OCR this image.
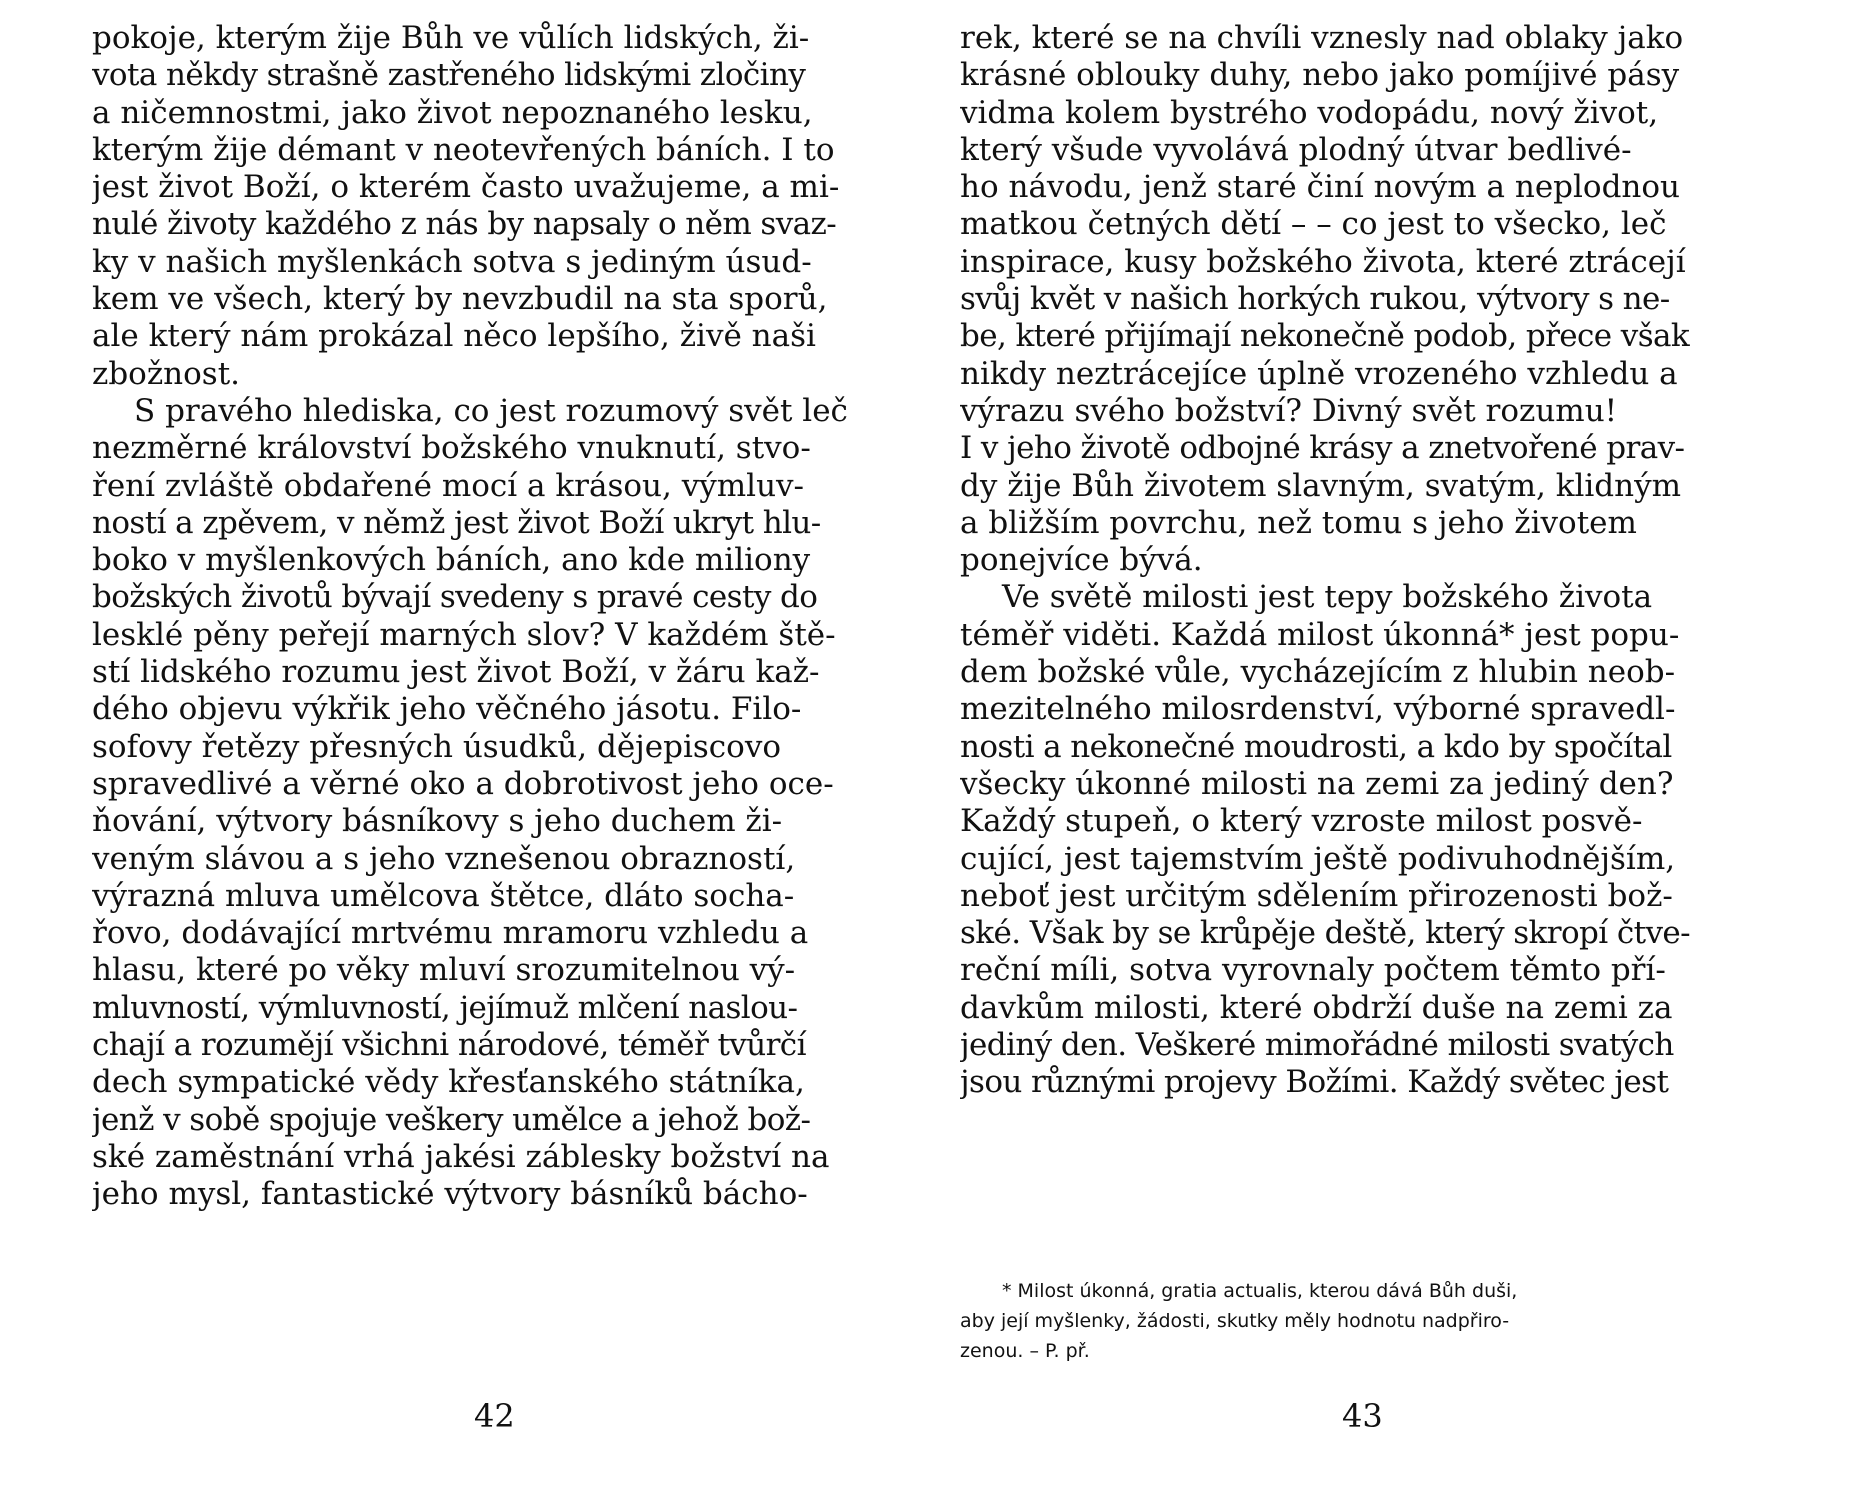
pokoje, kterým žije Bůh ve vůlích lidských, ži-
vota někdy strašně zastřeného lidskými zločiny
a ničemnostmi, jako život nepoznaného lesku,
kterým žije démant v neotevřených báních. I to
jest život Boží, o kterém často uvažujeme, a mi-
nulé životy každého z nás by napsaly o něm svaz-
ky v našich myšlenkách sotva s jediným úsud-
kem ve všech, který by nevzbudil na sta sporů,
ale který nám prokázal něco lepšího, živě naši
zbožnost.
S pravého hlediska, co jest rozumový svět leč
nezměrné království božského vnuknutí, stvo-
ření zvláště obdařené mocí a krásou, výmluv-
ností a zpěvem, v němž jest život Boží ukryt hlu-
boko v myšlenkových báních, ano kde miliony
božských životů bývají svedeny s pravé cesty do
lesklé pěny peřejí marných slov? V každém ště-
stí lidského rozumu jest život Boží, v žáru kaž-
dého objevu výkřik jeho věčného jásotu. Filo-
sofovy řetězy přesných úsudků, dějepiscovo
spravedlivé a věrné oko a dobrotivost jeho oce-
ňování, výtvory básníkovy s jeho duchem ži-
veným slávou a s jeho vznešenou obrazností,
výrazná mluva umělcova štětce, dláto socha-
řovo, dodávající mrtvému mramoru vzhledu a
hlasu, které po věky mluví srozumitelnou vý-
mluvností, výmluvností, jejímuž mlčení naslou-
chají a rozumějí všichni národové, téměř tvůrčí
dech sympatické vědy křesťanského státníka,
jenž v sobě spojuje veškery umělce a jehož bož-
ské zaměstnání vrhá jakési záblesky božství na
jeho mysl, fantastické výtvory básníků bácho-
42
rek, které se na chvíli vznesly nad oblaky jako
krásné oblouky duhy, nebo jako pomíjivé pásy
vidma kolem bystrého vodopádu, nový život,
který všude vyvolává plodný útvar bedlivé-
ho návodu, jenž staré činí novým a neplodnou
matkou četných dětí – – co jest to všecko, leč
inspirace, kusy božského života, které ztrácejí
svůj květ v našich horkých rukou, výtvory s ne-
be, které přijímají nekonečně podob, přece však
nikdy neztrácejíce úplně vrozeného vzhledu a
výrazu svého božství? Divný svět rozumu!
I v jeho životě odbojné krásy a znetvořené prav-
dy žije Bůh životem slavným, svatým, klidným
a bližším povrchu, než tomu s jeho životem
ponejvíce bývá.
Ve světě milosti jest tepy božského života
téměř viděti. Každá milost úkonná* jest popu-
dem božské vůle, vycházejícím z hlubin neob-
mezitelného milosrdenství, výborné spravedl-
nosti a nekonečné moudrosti, a kdo by spočítal
všecky úkonné milosti na zemi za jediný den?
Každý stupeň, o který vzroste milost posvě-
cující, jest tajemstvím ještě podivuhodnějším,
neboť jest určitým sdělením přirozenosti bož-
ské. Však by se krůpěje deště, který skropí čtve-
reční míli, sotva vyrovnaly počtem těmto pří-
davkům milosti, které obdrží duše na zemi za
jediný den. Veškeré mimořádné milosti svatých
jsou různými projevy Božími. Každý světec jest
* Milost úkonná, gratia actualis, kterou dává Bůh duši,
aby její myšlenky, žádosti, skutky měly hodnotu nadpřiro-
zenou. – P. př.
43
